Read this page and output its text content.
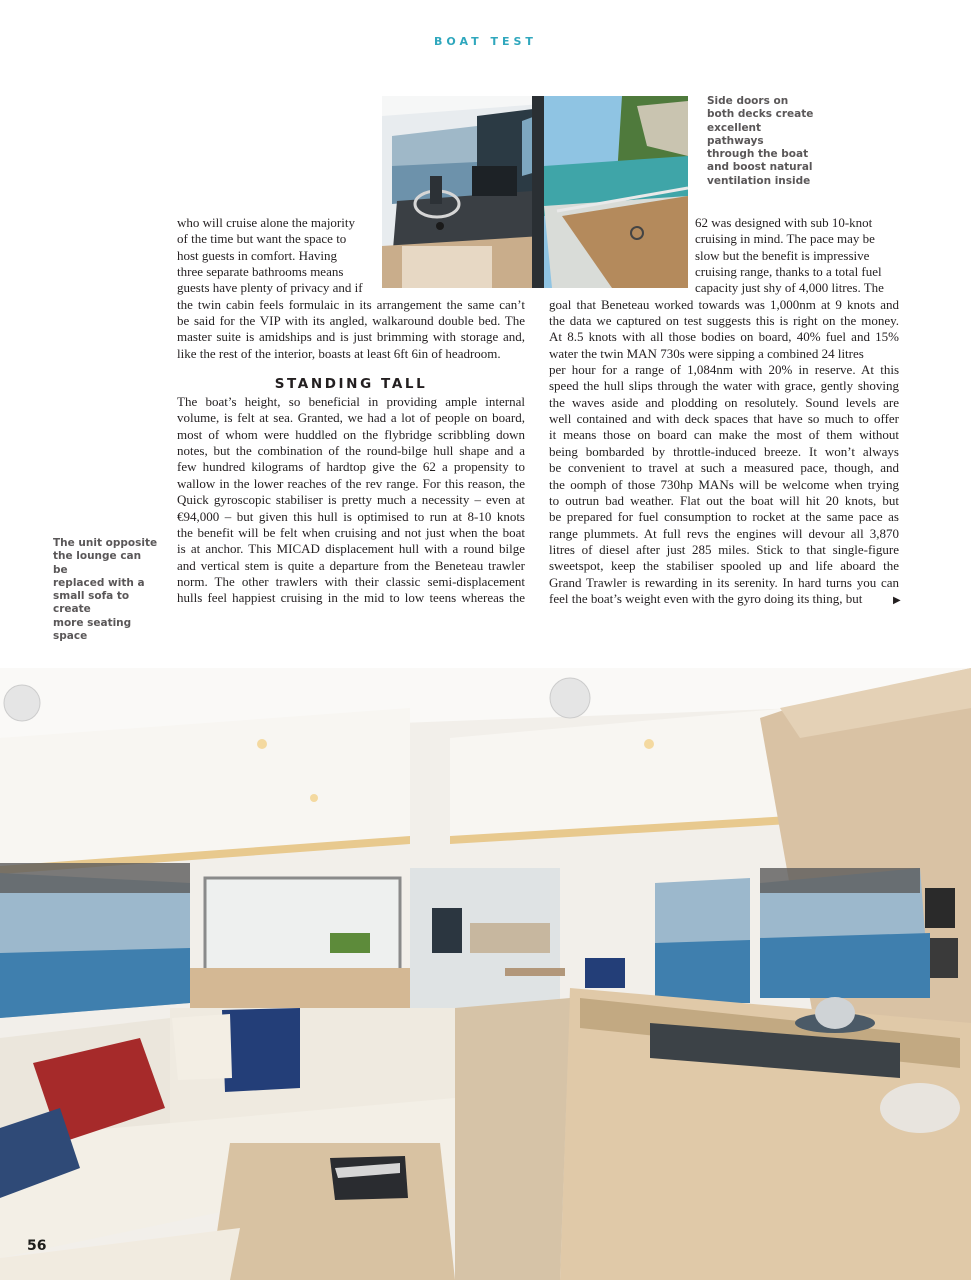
BOAT TEST
Side doors on
both decks create
excellent pathways
through the boat
and boost natural
ventilation inside

who will cruise alone the majority

of the time but want the space to

host guests in comfort. Having

three separate bathrooms means

guests have plenty of privacy and if

the twin cabin feels formulaic in its arrangement the same can’t

be said for the VIP with its angled, walkaround double bed. The

master suite is amidships and is just brimming with storage and,

like the rest of the interior, boasts at least 6ft 6in of headroom.

STANDING TALL

The boat’s height, so beneficial in providing ample internal

volume, is felt at sea. Granted, we had a lot of people on board,

most of whom were huddled on the flybridge scribbling down

notes, but the combination of the round-bilge hull shape and a

few hundred kilograms of hardtop give the 62 a propensity to

wallow in the lower reaches of the rev range. For this reason, the

Quick gyroscopic stabiliser is pretty much a necessity – even at

€94,000 – but given this hull is optimised to run at 8-10 knots

the benefit will be felt when cruising and not just when the boat

is at anchor. This MICAD displacement hull with a round bilge

and vertical stem is quite a departure from the Beneteau trawler

norm. The other trawlers with their classic semi-displacement

hulls feel happiest cruising in the mid to low teens whereas the

62 was designed with sub 10-knot

cruising in mind. The pace may be

slow but the benefit is impressive

cruising range, thanks to a total fuel

capacity just shy of 4,000 litres. The

goal that Beneteau worked towards was 1,000nm at 9 knots and

the data we captured on test suggests this is right on the money.

At 8.5 knots with all those bodies on board, 40% fuel and 15%

water the twin MAN 730s were sipping a combined 24 litres

per hour for a range of 1,084nm with 20% in reserve. At this

speed the hull slips through the water with grace, gently shoving

the waves aside and plodding on resolutely. Sound levels are

well contained and with deck spaces that have so much to offer

it means those on board can make the most of them without

being bombarded by throttle-induced breeze. It won’t always

be convenient to travel at such a measured pace, though, and

the oomph of those 730hp MANs will be welcome when trying

to outrun bad weather. Flat out the boat will hit 20 knots, but

be prepared for fuel consumption to rocket at the same pace as

range plummets. At full revs the engines will devour all 3,870

litres of diesel after just 285 miles. Stick to that single-figure

sweetspot, keep the stabiliser spooled up and life aboard the

Grand Trawler is rewarding in its serenity. In hard turns you can

feel the boat’s weight even with the gyro doing its thing, but	▶
The unit opposite
the lounge can be
replaced with a
small sofa to create
more seating space
56
